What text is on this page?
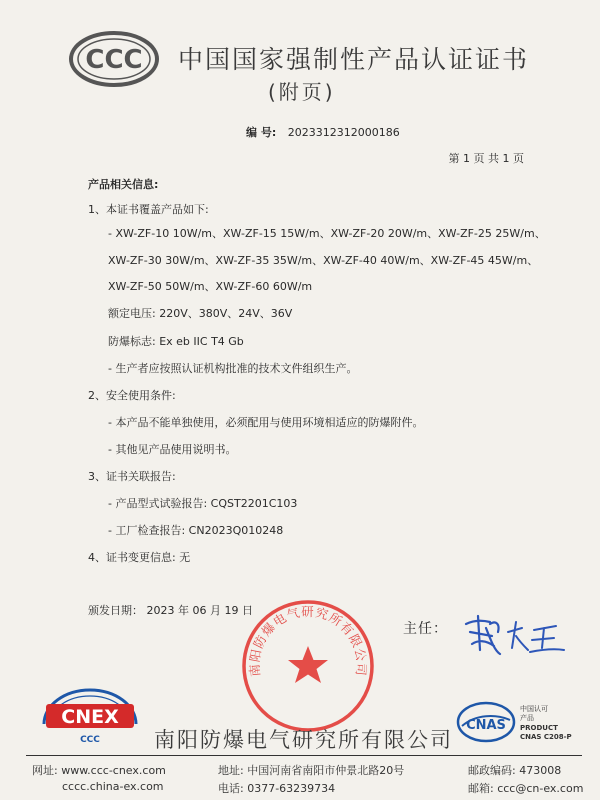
CCC 中国国家强制性产品认证证书
(附页)
编 号: 2023312312000186
第 1 页 共 1 页
产品相关信息:
1、本证书覆盖产品如下:
- XW-ZF-10 10W/m、XW-ZF-15 15W/m、XW-ZF-20 20W/m、XW-ZF-25 25W/m、
XW-ZF-30 30W/m、XW-ZF-35 35W/m、XW-ZF-40 40W/m、XW-ZF-45 45W/m、
XW-ZF-50 50W/m、XW-ZF-60 60W/m
额定电压: 220V、380V、24V、36V
防爆标志: Ex eb IIC T4 Gb
- 生产者应按照认证机构批准的技术文件组织生产。
2、安全使用条件:
- 本产品不能单独使用，必须配用与使用环境相适应的防爆附件。
- 其他见产品使用说明书。
3、证书关联报告:
- 产品型式试验报告: CQST2201C103
- 工厂检查报告: CN2023Q010248
4、证书变更信息: 无
颁发日期： 2023 年 06 月 19 日
南阳防爆电气研究所有限公司
主任：
CNEX
CCC	南阳防爆电气研究所有限公司
CNAS
中国认可
产品
PRODUCT
CNAS C208-P
网址: www.ccc-cnex.com
cccc.china-ex.com
地址: 中国河南省南阳市仲景北路20号
电话: 0377-63239734
邮政编码: 473008
邮箱: ccc@cn-ex.com
